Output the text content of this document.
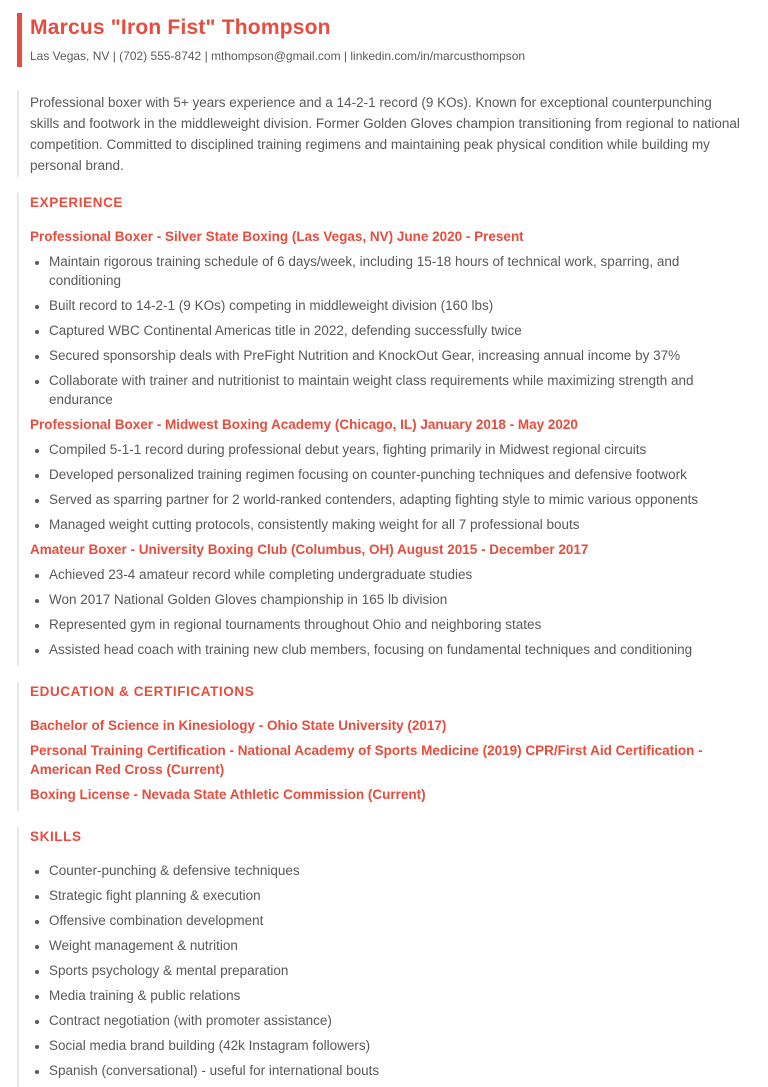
Marcus "Iron Fist" Thompson
Las Vegas, NV | (702) 555-8742 | mthompson@gmail.com | linkedin.com/in/marcusthompson

Professional boxer with 5+ years experience and a 14-2-1 record (9 KOs). Known for exceptional counterpunching skills and footwork in the middleweight division. Former Golden Gloves champion transitioning from regional to national competition. Committed to disciplined training regimens and maintaining peak physical condition while building my personal brand.

EXPERIENCE
Professional Boxer - Silver State Boxing (Las Vegas, NV) June 2020 - Present
• Maintain rigorous training schedule of 6 days/week, including 15-18 hours of technical work, sparring, and conditioning
• Built record to 14-2-1 (9 KOs) competing in middleweight division (160 lbs)
• Captured WBC Continental Americas title in 2022, defending successfully twice
• Secured sponsorship deals with PreFight Nutrition and KnockOut Gear, increasing annual income by 37%
• Collaborate with trainer and nutritionist to maintain weight class requirements while maximizing strength and endurance
Professional Boxer - Midwest Boxing Academy (Chicago, IL) January 2018 - May 2020
• Compiled 5-1-1 record during professional debut years, fighting primarily in Midwest regional circuits
• Developed personalized training regimen focusing on counter-punching techniques and defensive footwork
• Served as sparring partner for 2 world-ranked contenders, adapting fighting style to mimic various opponents
• Managed weight cutting protocols, consistently making weight for all 7 professional bouts
Amateur Boxer - University Boxing Club (Columbus, OH) August 2015 - December 2017
• Achieved 23-4 amateur record while completing undergraduate studies
• Won 2017 National Golden Gloves championship in 165 lb division
• Represented gym in regional tournaments throughout Ohio and neighboring states
• Assisted head coach with training new club members, focusing on fundamental techniques and conditioning
EDUCATION & CERTIFICATIONS

Bachelor of Science in Kinesiology - Ohio State University (2017)

Personal Training Certification - National Academy of Sports Medicine (2019) CPR/First Aid Certification - American Red Cross (Current)

Boxing License - Nevada State Athletic Commission (Current)

SKILLS
• Counter-punching & defensive techniques
• Strategic fight planning & execution
• Offensive combination development
• Weight management & nutrition
• Sports psychology & mental preparation
• Media training & public relations
• Contract negotiation (with promoter assistance)
• Social media brand building (42k Instagram followers)
• Spanish (conversational) - useful for international bouts
